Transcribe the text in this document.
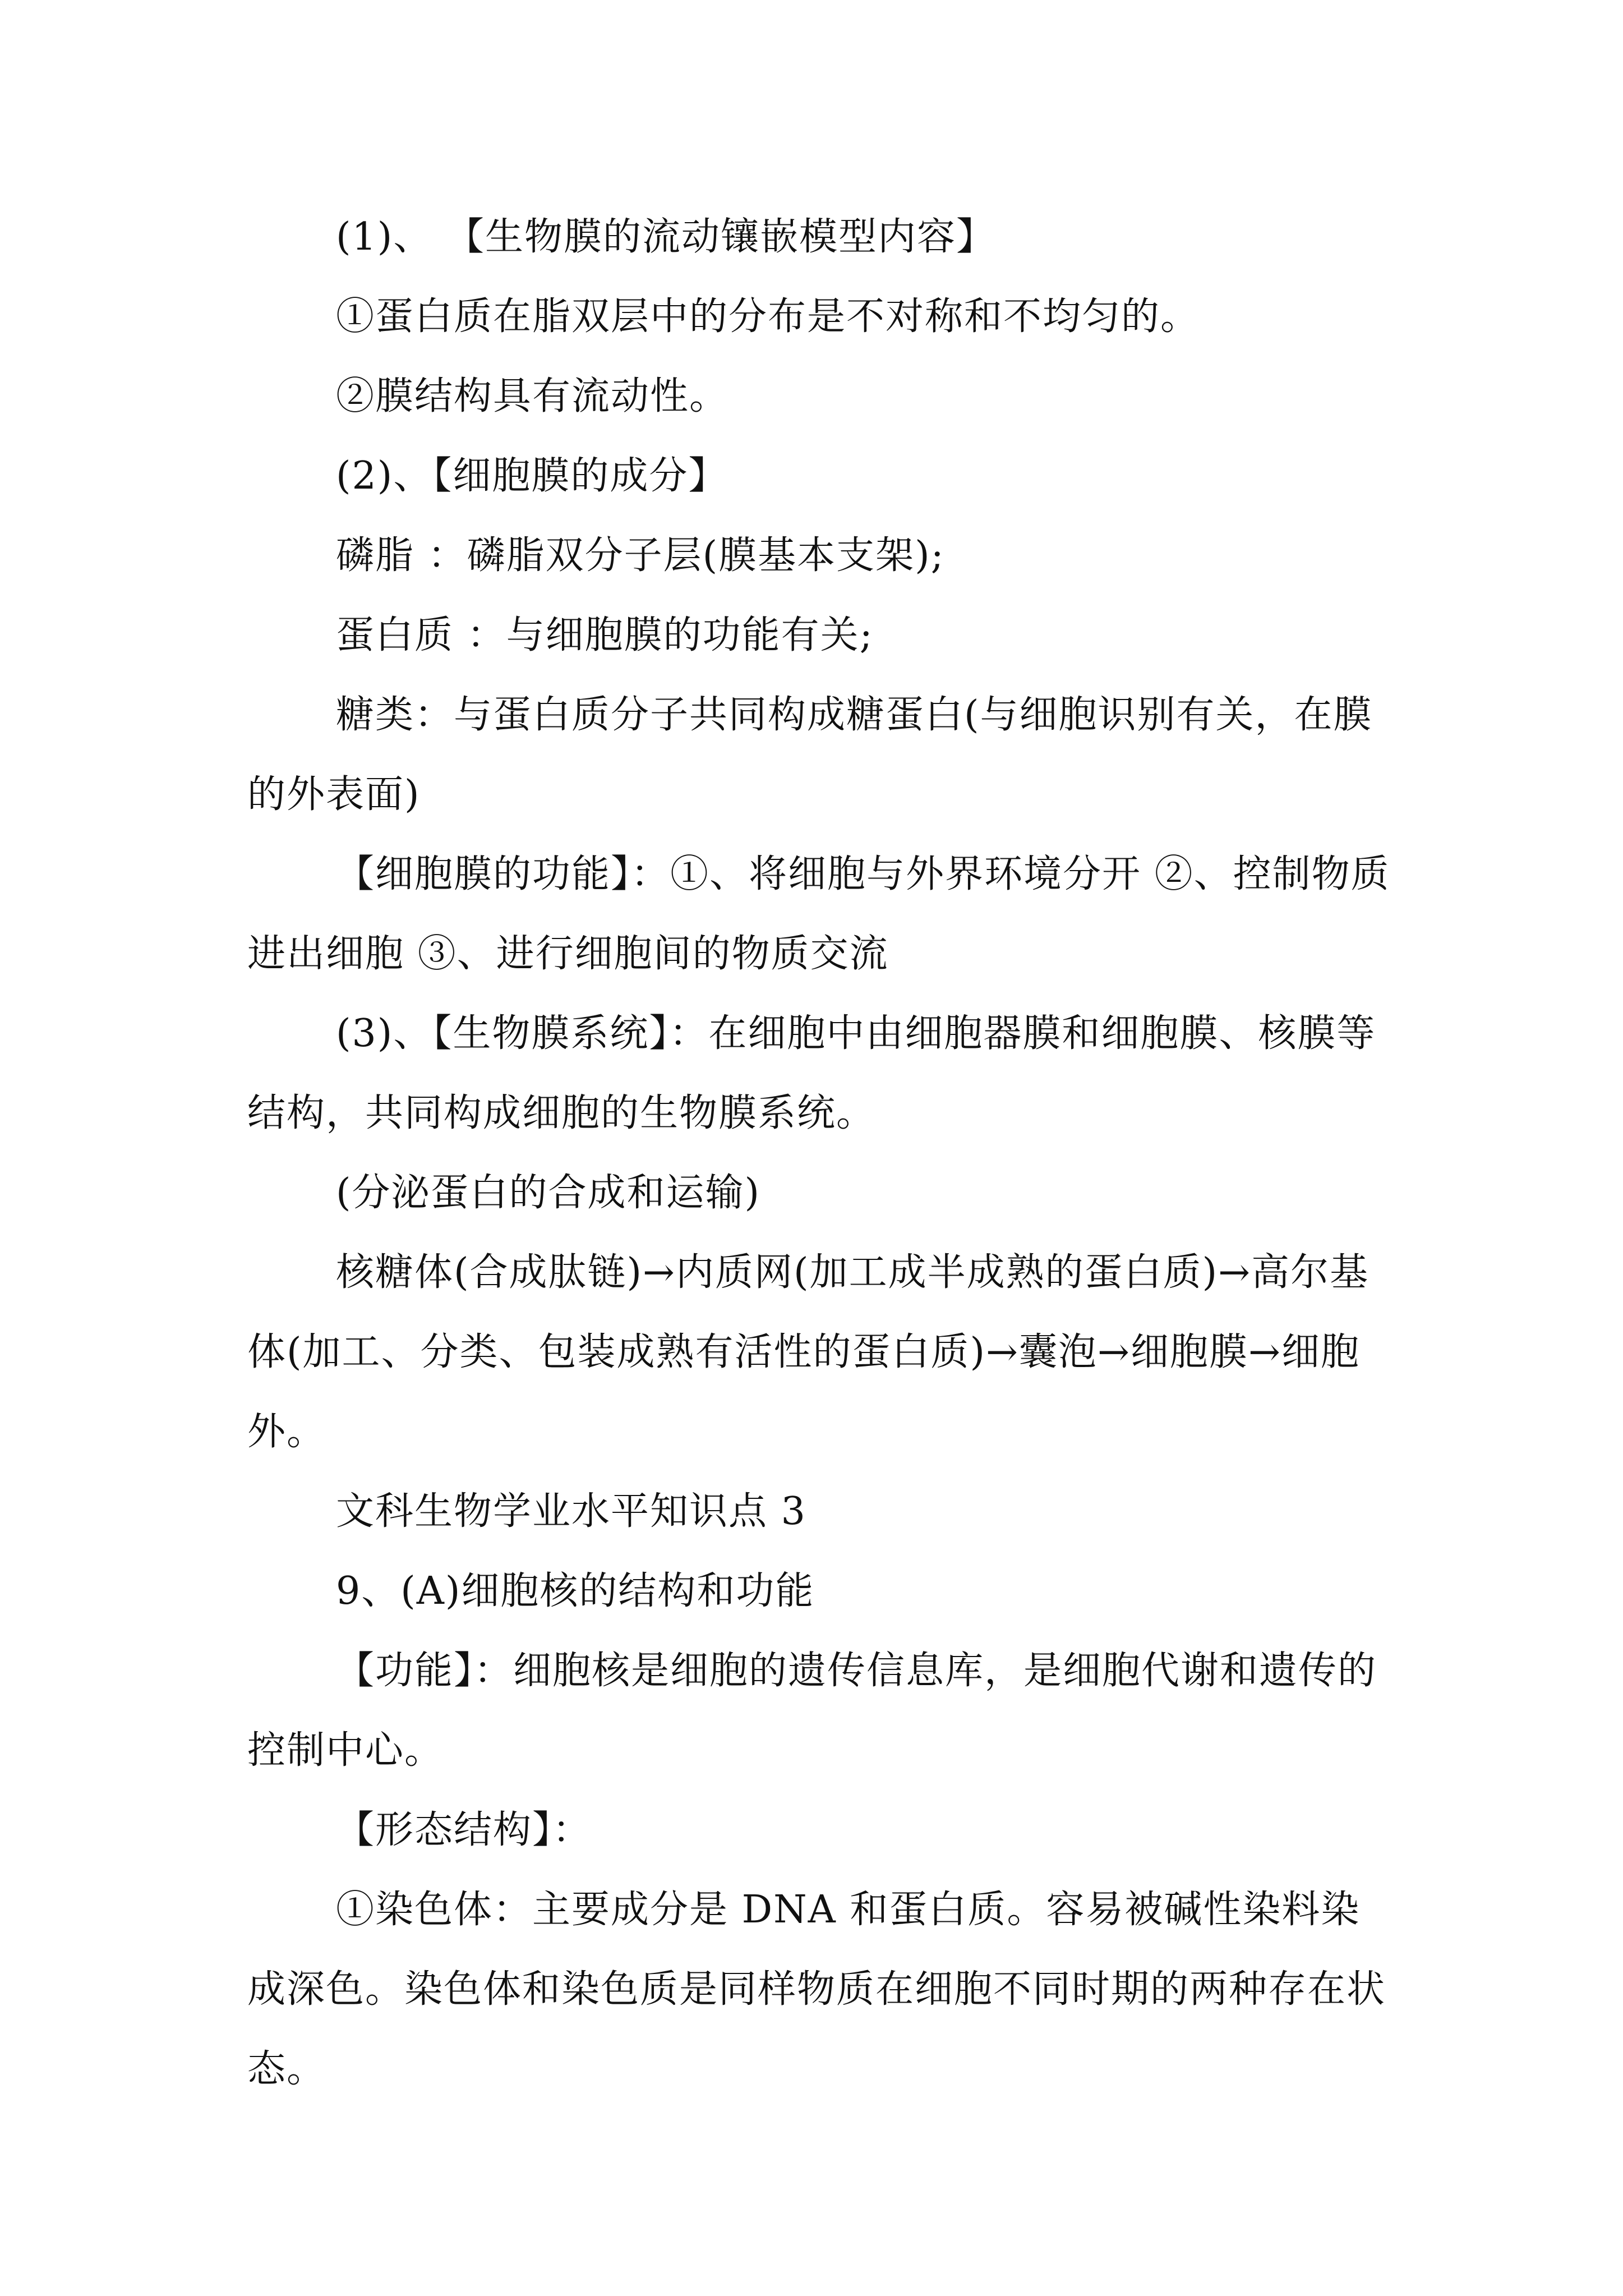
(1)、 【生物膜的流动镶嵌模型内容】

①蛋白质在脂双层中的分布是不对称和不均匀的。

②膜结构具有流动性。

(2)、【细胞膜的成分】

磷脂 ：磷脂双分子层(膜基本支架);

蛋白质 ：与细胞膜的功能有关;

糖类：与蛋白质分子共同构成糖蛋白(与细胞识别有关，在膜的外表面)

【细胞膜的功能】：①、将细胞与外界环境分开 ②、控制物质进出细胞 ③、进行细胞间的物质交流

(3)、【生物膜系统】：在细胞中由细胞器膜和细胞膜、核膜等结构，共同构成细胞的生物膜系统。

(分泌蛋白的合成和运输)

核糖体(合成肽链)→内质网(加工成半成熟的蛋白质)→高尔基体(加工、分类、包装成熟有活性的蛋白质)→囊泡→细胞膜→细胞外。

文科生物学业水平知识点 3

9、(A)细胞核的结构和功能

【功能】：细胞核是细胞的遗传信息库，是细胞代谢和遗传的控制中心。

【形态结构】：

①染色体：主要成分是 DNA 和蛋白质。容易被碱性染料染成深色。染色体和染色质是同样物质在细胞不同时期的两种存在状态。
